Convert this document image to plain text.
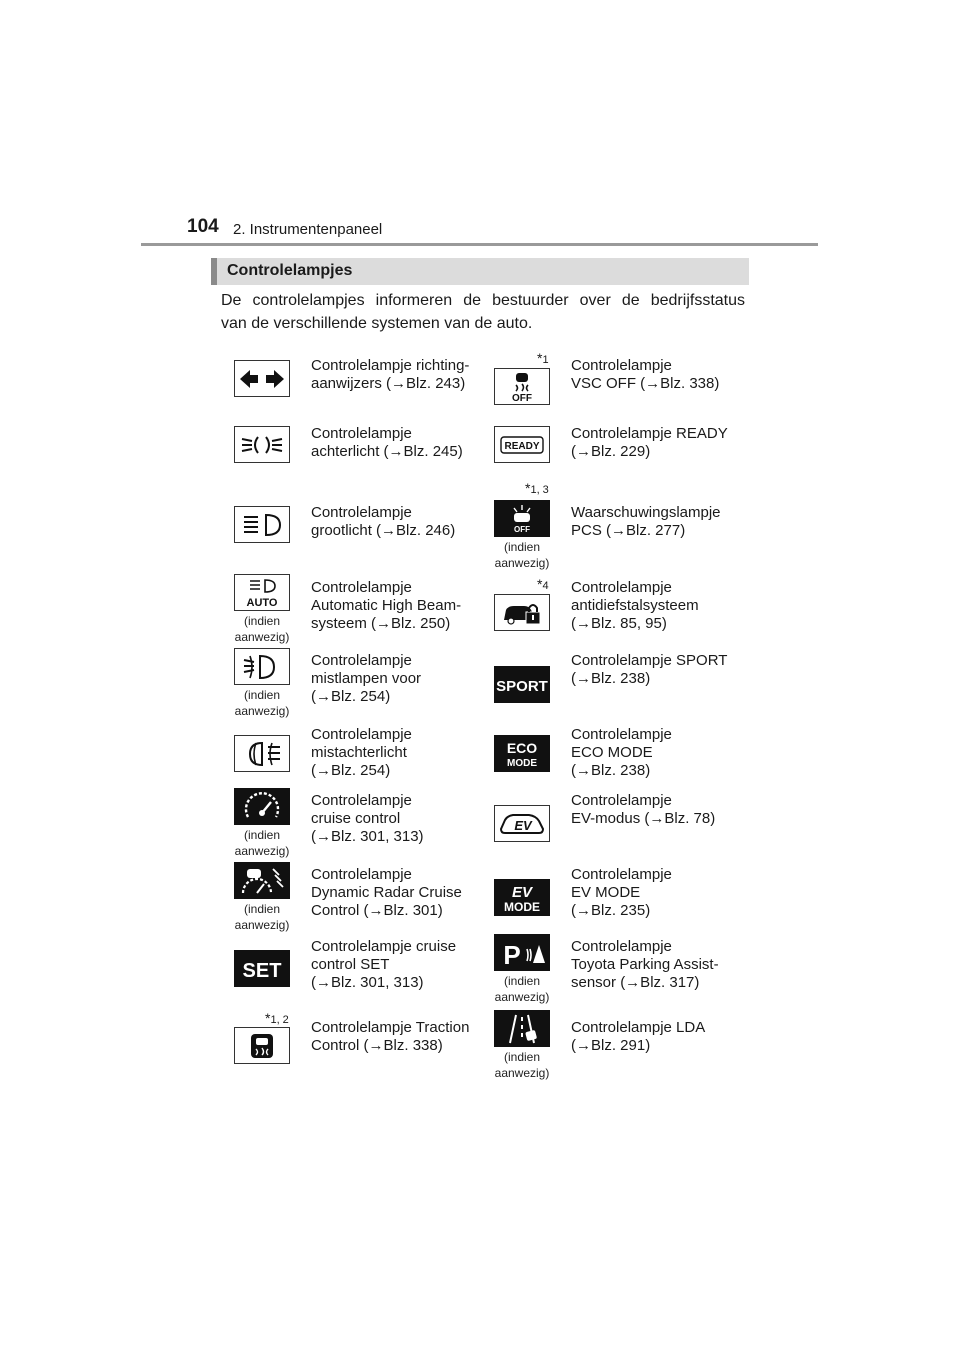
104 2. Instrumentenpaneel
Controlelampjes
De controlelampjes informeren de bestuurder over de bedrijfsstatus
van de verschillende systemen van de auto.
Controlelampje richting-
aanwijzers (→Blz. 243)
*1
OFF
Controlelampje
VSC OFF (→Blz. 338)
Controlelampje
achterlicht (→Blz. 245)	READY
Controlelampje READY
(→Blz. 229)
Controlelampje
grootlicht (→Blz. 246)
*1, 3
OFF
(indien
aanwezig)
Waarschuwingslampje
PCS (→Blz. 277)
AUTO
(indien
aanwezig)
Controlelampje
Automatic High Beam-
systeem (→Blz. 250)
*4 Controlelampje
antidiefstalsysteem
(→Blz. 85, 95)
(indien
aanwezig)
Controlelampje
mistlampen voor
(→Blz. 254)
SPORT
Controlelampje SPORT
(→Blz. 238)
Controlelampje
mistachterlicht
(→Blz. 254)
ECO
MODE
Controlelampje
ECO MODE
(→Blz. 238)
(indien
aanwezig)
Controlelampje
cruise control
(→Blz. 301, 313)
EV
Controlelampje
EV-modus (→Blz. 78)
(indien
aanwezig)
Controlelampje
Dynamic Radar Cruise
Control (→Blz. 301)
EV
MODE
Controlelampje
EV MODE
(→Blz. 235)
SET
Controlelampje cruise
control SET
(→Blz. 301, 313)
P
(indien
aanwezig)
Controlelampje
Toyota Parking Assist-
sensor (→Blz. 317)
*1, 2 Controlelampje Traction
Control (→Blz. 338)
(indien
aanwezig)
Controlelampje LDA
(→Blz. 291)
